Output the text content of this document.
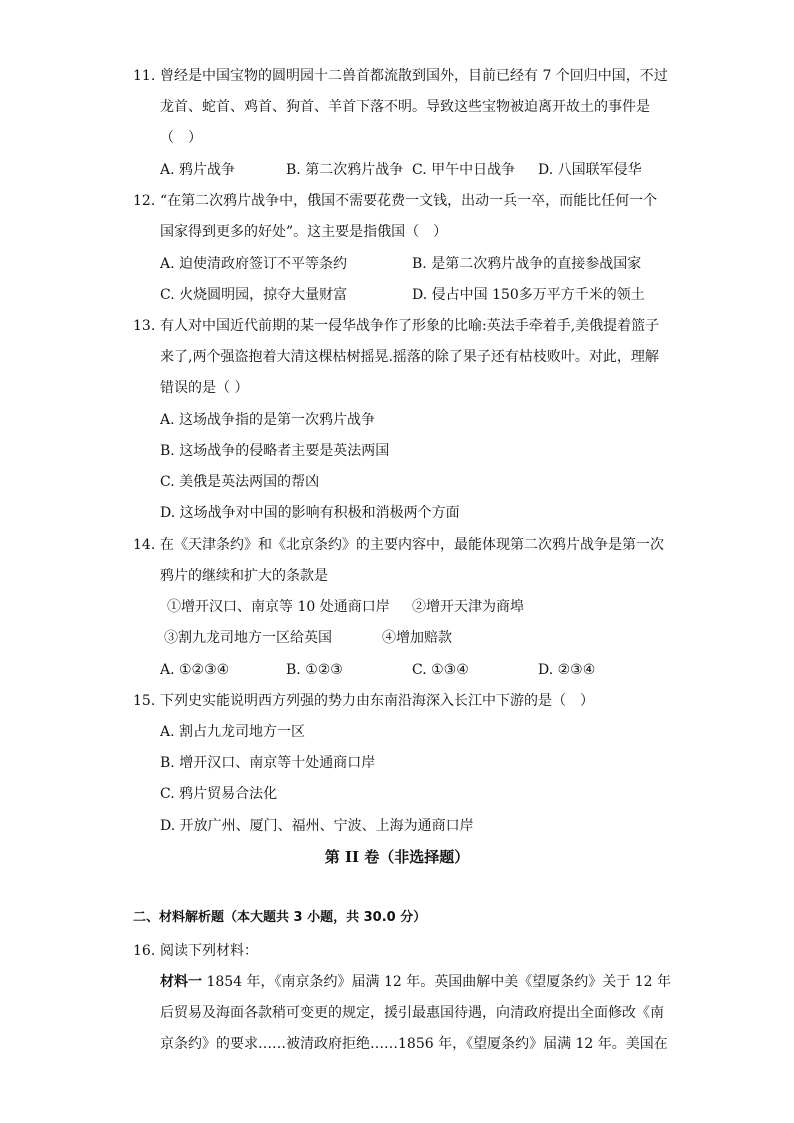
11. 曾经是中国宝物的圆明园十二兽首都流散到国外，目前已经有 7 个回归中国，不过
龙首、蛇首、鸡首、狗首、羊首下落不明。导致这些宝物被迫离开故土的事件是
（　）
A. 鸦片战争	B. 第二次鸦片战争 C. 甲午中日战争 D. 八国联军侵华
12. “在第二次鸦片战争中，俄国不需要花费一文钱，出动一兵一卒，而能比任何一个
国家得到更多的好处”。这主要是指俄国（　）
A. 迫使清政府签订不平等条约	B. 是第二次鸦片战争的直接参战国家
C. 火烧圆明园，掠夺大量财富	D. 侵占中国 150多万平方千米的领土
13. 有人对中国近代前期的某一侵华战争作了形象的比喻:英法手牵着手,美俄提着篮子
来了,两个强盗抱着大清这棵枯树摇晃.摇落的除了果子还有枯枝败叶。对此，理解
错误的是（ ）
A. 这场战争指的是第一次鸦片战争
B. 这场战争的侵略者主要是英法两国
C. 美俄是英法两国的帮凶
D. 这场战争对中国的影响有积极和消极两个方面
14. 在《天津条约》和《北京条约》的主要内容中，最能体现第二次鸦片战争是第一次
鸦片的继续和扩大的条款是
①增开汉口、南京等 10 处通商口岸 ②增开天津为商埠
③割九龙司地方一区给英国	④增加赔款
A. ①②③④	B. ①②③	C. ①③④	D. ②③④
15. 下列史实能说明西方列强的势力由东南沿海深入长江中下游的是（　）
A. 割占九龙司地方一区
B. 增开汉口、南京等十处通商口岸
C. 鸦片贸易合法化
D. 开放广州、厦门、福州、宁波、上海为通商口岸
第 II 卷（非选择题）
二、材料解析题（本大题共 3 小题，共 30.0 分）
16. 阅读下列材料：
材料一 1854 年，《南京条约》届满 12 年。英国曲解中美《望厦条约》关于 12 年
后贸易及海面各款稍可变更的规定，援引最惠国待遇，向清政府提出全面修改《南
京条约》的要求……被清政府拒绝……1856 年，《望厦条约》届满 12 年。美国在
